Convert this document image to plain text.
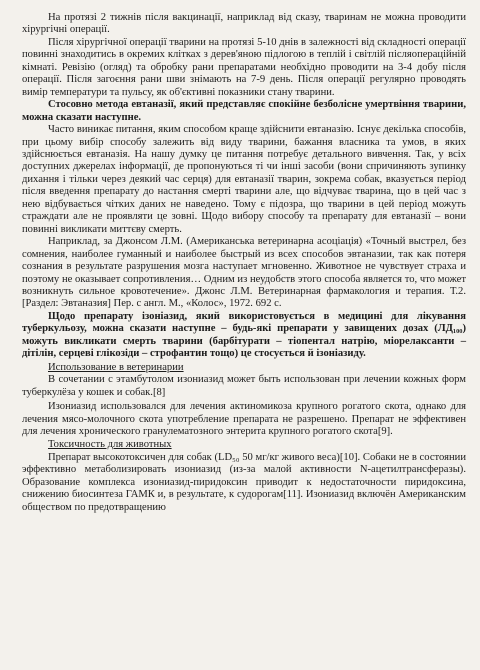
На протязі 2 тижнів після вакцинації, наприклад від сказу, тваринам не можна проводити хірургічні операції.

Після хірургічної операції тварини на протязі 5-10 днів в залежності від складності операції повинні знаходитись в окремих клітках з дерев'яною підлогою в теплій і світлій післяопераційній кімнаті. Ревізію (огляд) та обробку рани препаратами необхідно проводити на 3-4 добу після операції. Після загоєння рани шви знімають на 7-9 день. Після операції регулярно проводять вимір температури та пульсу, як об'єктивні показники стану тварини.

Стосовно метода евтаназії, який представляє спокійне безболісне умертвіння тварини, можна сказати наступне.

Часто виникає питання, яким способом краще здійснити евтаназію. Існує декілька способів, при цьому вибір способу залежить від виду тварини, бажання власника та умов, в яких здійснюється евтаназія. На нашу думку це питання потребує детального вивчення. Так, у всіх доступних джерелах інформації, де пропонуються ті чи інші засоби (вони спричиняють зупинку дихання і тільки через деякий час серця) для евтаназії тварин, зокрема собак, вказується період після введення препарату до настання смерті тварини але, що відчуває тварина, що в цей час з нею відбувається чітких даних не наведено. Тому є підозра, що тварини в цей період можуть страждати але не проявляти це зовні. Щодо вибору способу та препарату для евтаназії – вони повинні викликати миттєву смерть.

Наприклад, за Джонсом Л.М. (Американська ветеринарна асоціація) «Точный выстрел, без сомнения, наиболее гуманный и наиболее быстрый из всех способов эвтаназии, так как потеря сознания в результате разрушения мозга наступает мгновенно. Животное не чувствует страха и поэтому не оказывает сопротивления… Одним из неудобств этого способа является то, что может возникнуть сильное кровотечение». Джонс Л.М. Ветеринарная фармакология и терапия. Т.2.[Раздел: Эвтаназия] Пер. с англ. М., «Колос», 1972. 692 с.

Щодо препарату ізоніазид, який використовується в медицині для лікування туберкульозу, можна сказати наступне – будь-які препарати у завищених дозах (ЛД₁₀₀) можуть викликати смерть тварини (барбітурати – тіопентал натрію, міорелаксанти – дітілін, серцеві глікозіди – строфантин тощо) це стосується й ізоніазиду.

Использование в ветеринарии

В сочетании с этамбутолом изониазид может быть использован при лечении кожных форм туберкулёза у кошек и собак.[8]

Изониазид использовался для лечения актиномикоза крупного рогатого скота, однако для лечения мясо-молочного скота употребление препарата не разрешено. Препарат не эффективен для лечения хронического гранулематозного энтерита крупного рогатого скота[9].

Токсичность для животных

Препарат высокотоксичен для собак (LD₅₀ 50 мг/кг живого веса)[10]. Собаки не в состоянии эффективно метаболизировать изониазид (из-за малой активности N-ацетилтрансферазы). Образование комплекса изониазид-пиридоксин приводит к недостаточности пиридоксина, снижению биосинтеза ГАМК и, в результате, к судорогам[11]. Изониазид включён Американским обществом по предотвращению
